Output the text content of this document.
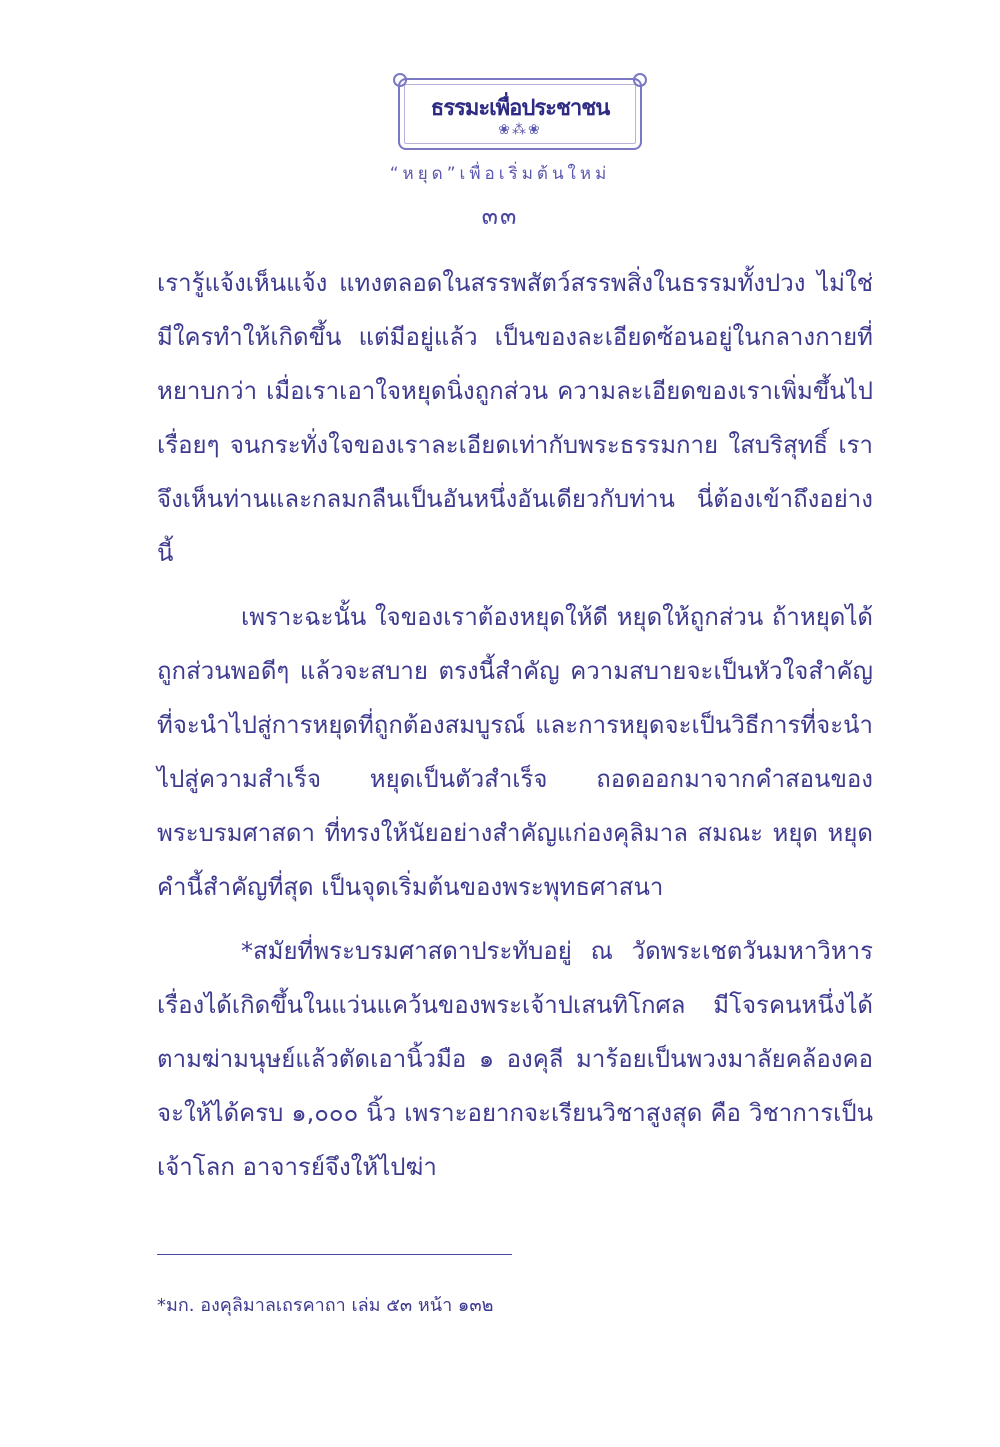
ธรรมะเพื่อประชาชน
❀⁂❀
“หยุด”เพื่อเริ่มต้นใหม่
๓๓

เรารู้แจ้งเห็นแจ้ง แทงตลอดในสรรพสัตว์สรรพสิ่งในธรรมทั้งปวง ไม่ใช่มีใครทำให้เกิดขึ้น แต่มีอยู่แล้ว เป็นของละเอียดซ้อนอยู่ในกลางกายที่หยาบกว่า เมื่อเราเอาใจหยุดนิ่งถูกส่วน ความละเอียดของเราเพิ่มขึ้นไปเรื่อยๆ จนกระทั่งใจของเราละเอียดเท่ากับพระธรรมกาย ใสบริสุทธิ์ เราจึงเห็นท่านและกลมกลืนเป็นอันหนึ่งอันเดียวกับท่าน นี่ต้องเข้าถึงอย่างนี้

เพราะฉะนั้น ใจของเราต้องหยุดให้ดี หยุดให้ถูกส่วน ถ้าหยุดได้ถูกส่วนพอดีๆ แล้วจะสบาย ตรงนี้สำคัญ ความสบายจะเป็นหัวใจสำคัญ ที่จะนำไปสู่การหยุดที่ถูกต้องสมบูรณ์ และการหยุดจะเป็นวิธีการที่จะนำไปสู่ความสำเร็จ หยุดเป็นตัวสำเร็จ ถอดออกมาจากคำสอนของพระบรมศาสดา ที่ทรงให้นัยอย่างสำคัญแก่องคุลิมาล สมณะ หยุด หยุด คำนี้สำคัญที่สุด เป็นจุดเริ่มต้นของพระพุทธศาสนา

*สมัยที่พระบรมศาสดาประทับอยู่ ณ วัดพระเชตวันมหาวิหาร เรื่องได้เกิดขึ้นในแว่นแคว้นของพระเจ้าปเสนทิโกศล มีโจรคนหนึ่งได้ตามฆ่ามนุษย์แล้วตัดเอานิ้วมือ ๑ องคุลี มาร้อยเป็นพวงมาลัยคล้องคอ จะให้ได้ครบ ๑,๐๐๐ นิ้ว เพราะอยากจะเรียนวิชาสูงสุด คือ วิชาการเป็นเจ้าโลก อาจารย์จึงให้ไปฆ่า

*มก. องคุลิมาลเถรคาถา เล่ม ๕๓ หน้า ๑๓๒
